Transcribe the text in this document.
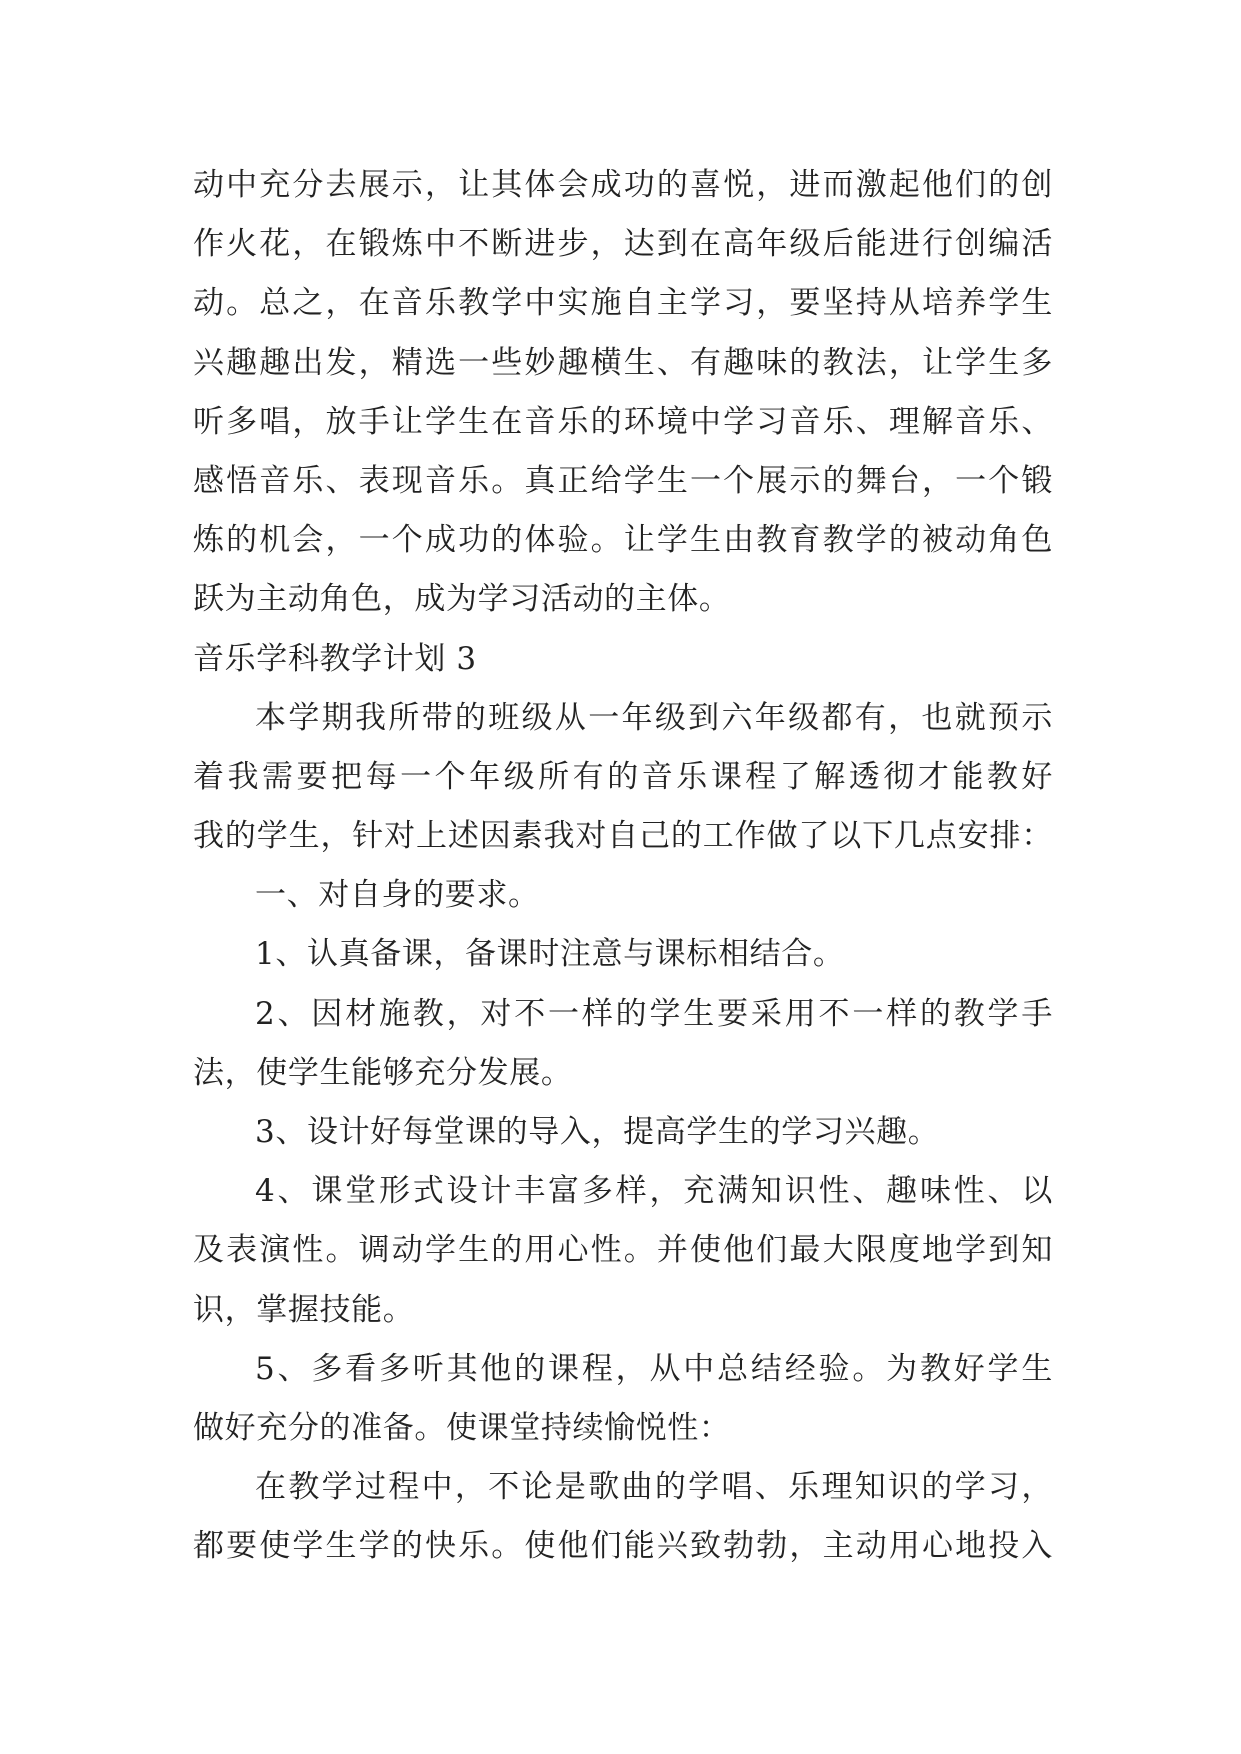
动中充分去展示，让其体会成功的喜悦，进而激起他们的创
作火花，在锻炼中不断进步，达到在高年级后能进行创编活
动。总之，在音乐教学中实施自主学习，要坚持从培养学生
兴趣趣出发，精选一些妙趣横生、有趣味的教法，让学生多
听多唱，放手让学生在音乐的环境中学习音乐、理解音乐、
感悟音乐、表现音乐。真正给学生一个展示的舞台，一个锻
炼的机会，一个成功的体验。让学生由教育教学的被动角色
跃为主动角色，成为学习活动的主体。
音乐学科教学计划 3
本学期我所带的班级从一年级到六年级都有，也就预示
着我需要把每一个年级所有的音乐课程了解透彻才能教好
我的学生，针对上述因素我对自己的工作做了以下几点安排：
一、对自身的要求。
1、认真备课，备课时注意与课标相结合。
2、因材施教，对不一样的学生要采用不一样的教学手
法，使学生能够充分发展。
3、设计好每堂课的导入，提高学生的学习兴趣。
4、课堂形式设计丰富多样，充满知识性、趣味性、以
及表演性。调动学生的用心性。并使他们最大限度地学到知
识，掌握技能。
5、多看多听其他的课程，从中总结经验。为教好学生
做好充分的准备。使课堂持续愉悦性：
在教学过程中，不论是歌曲的学唱、乐理知识的学习，
都要使学生学的快乐。使他们能兴致勃勃，主动用心地投入
